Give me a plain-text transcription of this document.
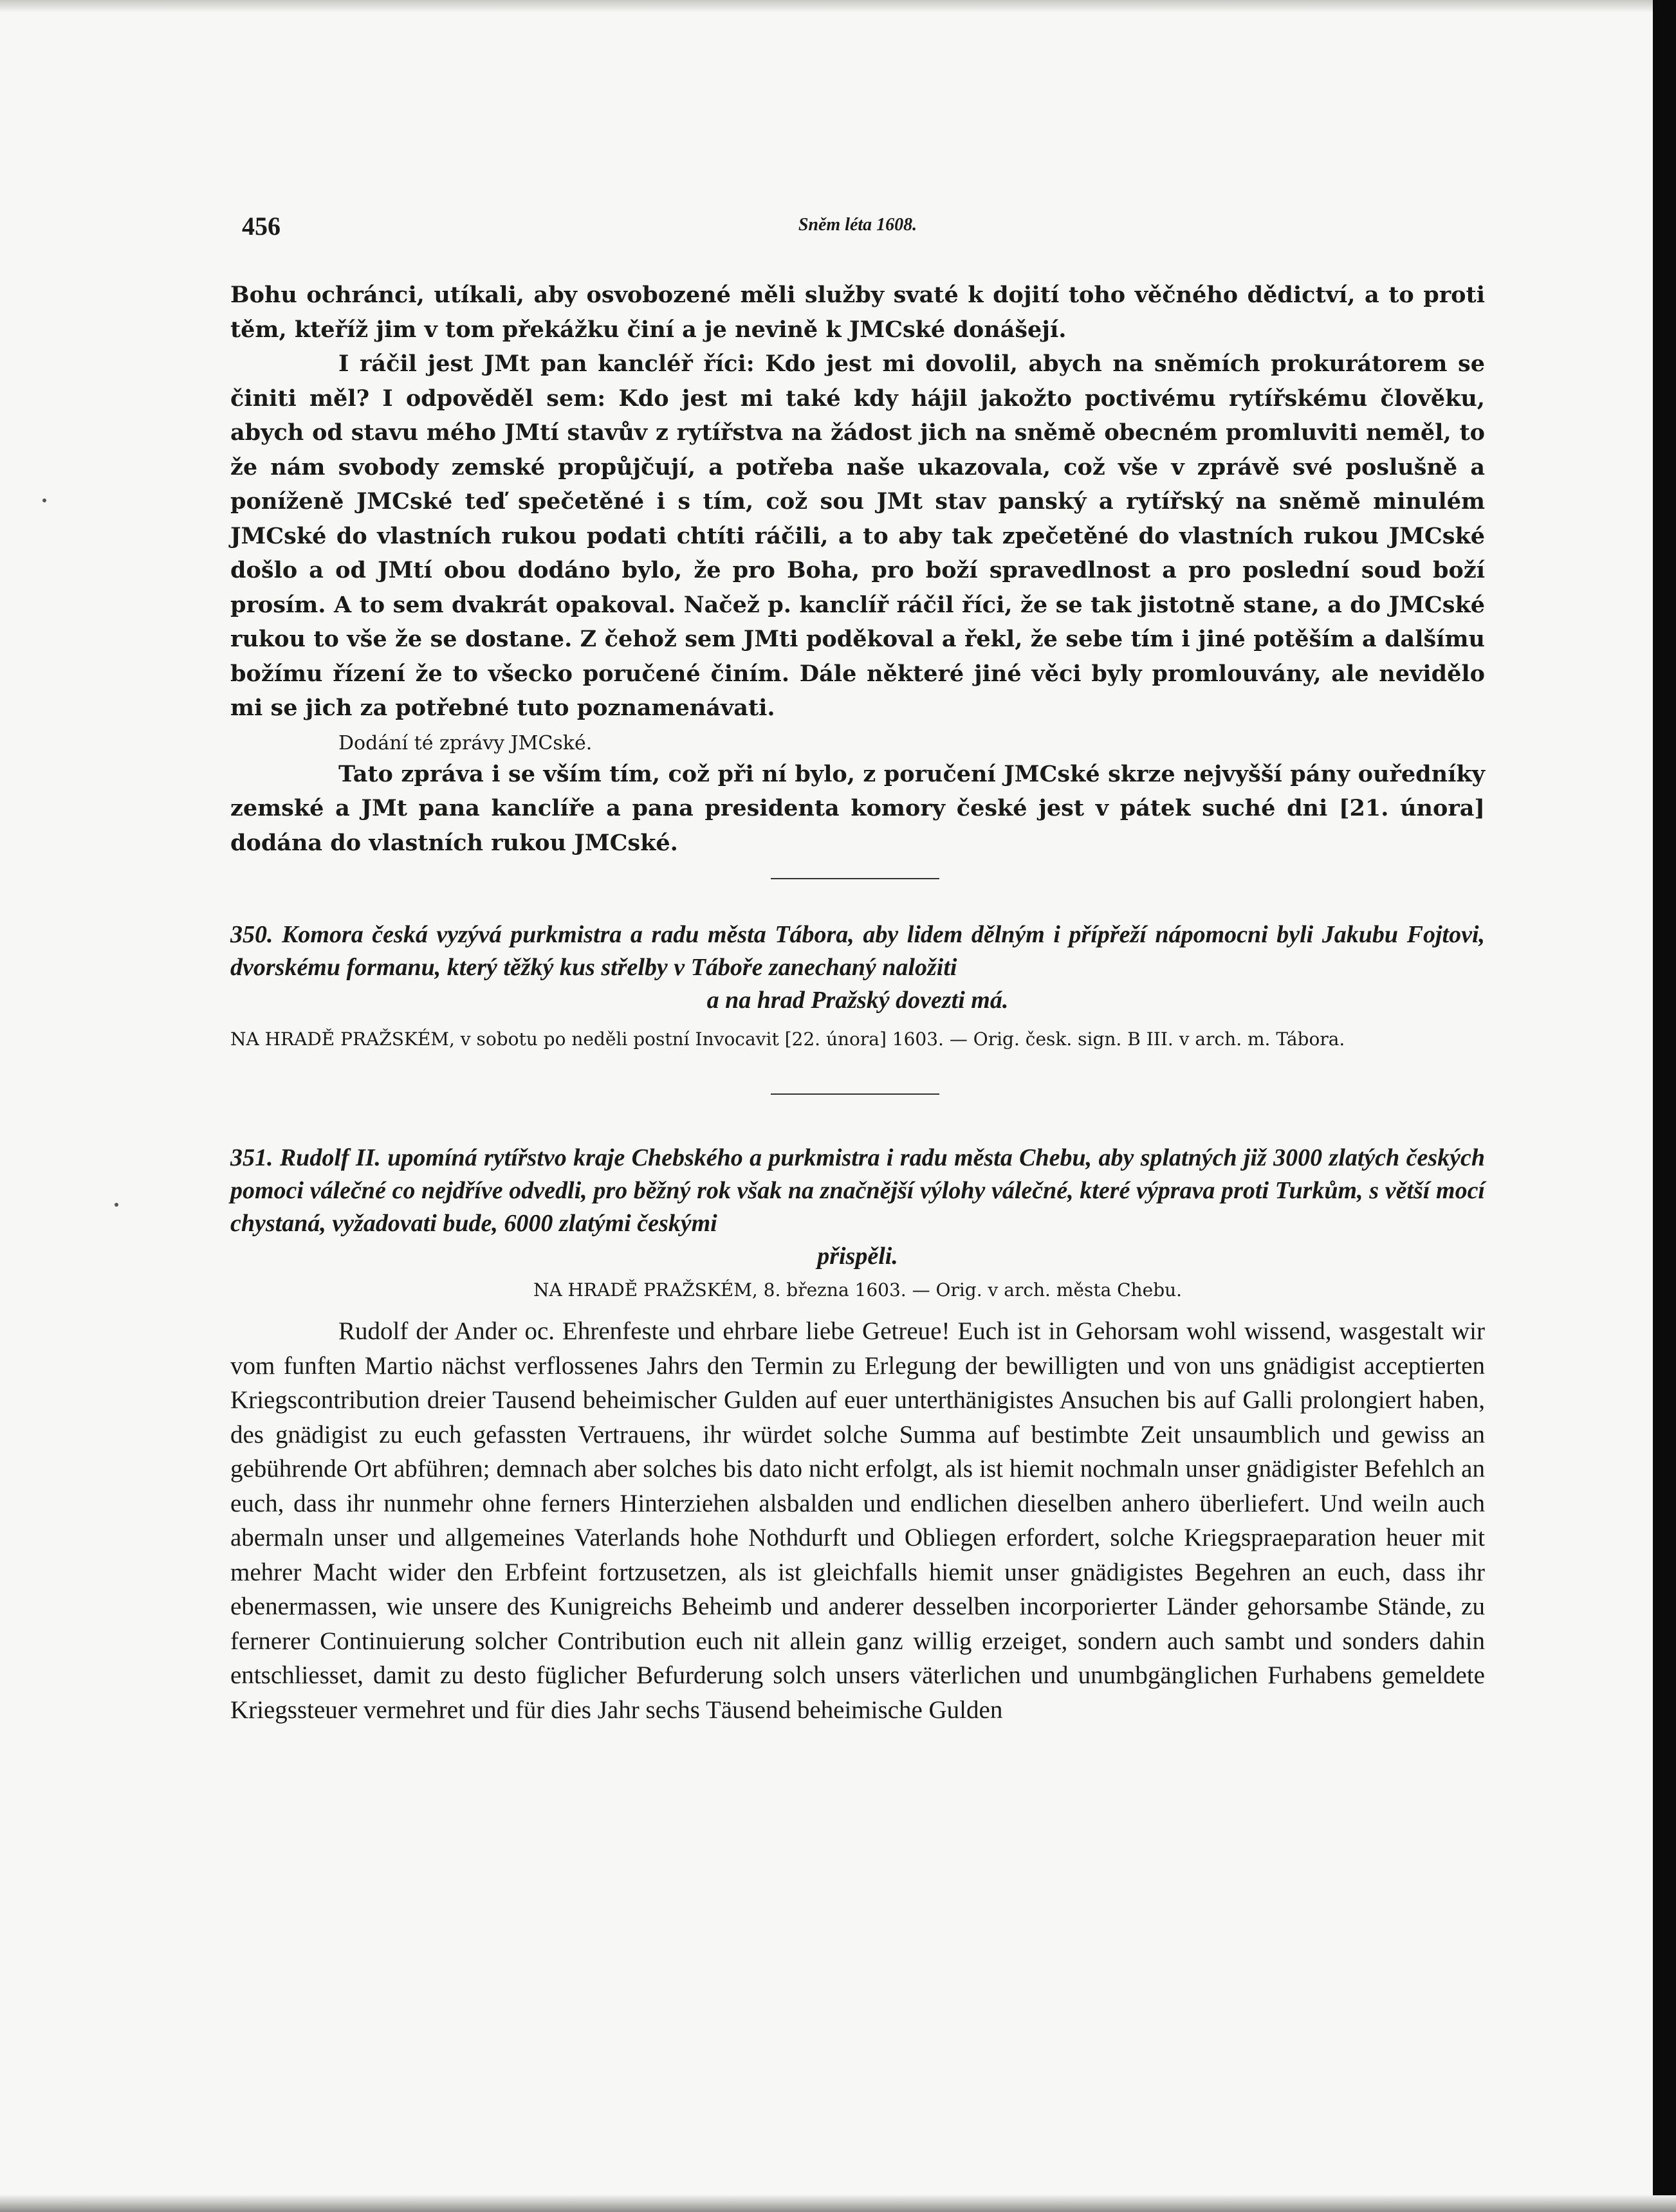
456	Sněm léta 1608.

Bohu ochránci, utíkali, aby osvobozené měli služby svaté k dojití toho věčného dědictví, a to proti těm, kteříž jim v tom překážku činí a je nevině k JMCské donášejí.

I ráčil jest JMt pan kancléř říci: Kdo jest mi dovolil, abych na sněmích prokurátorem se činiti měl? I odpověděl sem: Kdo jest mi také kdy hájil jakožto poctivému rytířskému člověku, abych od stavu mého JMtí stavův z rytířstva na žádost jich na sněmě obecném promluviti neměl, to že nám svobody zemské propůjčují, a potřeba naše ukazovala, což vše v zprávě své poslušně a poníženě JMCské teď spečetěné i s tím, což sou JMt stav panský a rytířský na sněmě minulém JMCské do vlastních rukou podati chtíti ráčili, a to aby tak zpečetěné do vlastních rukou JMCské došlo a od JMtí obou dodáno bylo, že pro Boha, pro boží spravedlnost a pro poslední soud boží prosím. A to sem dvakrát opakoval. Načež p. kanclíř ráčil říci, že se tak jistotně stane, a do JMCské rukou to vše že se dostane. Z čehož sem JMti poděkoval a řekl, že sebe tím i jiné potěším a dalšímu božímu řízení že to všecko poručené činím. Dále některé jiné věci byly promlouvány, ale nevidělo mi se jich za potřebné tuto poznamenávati.

Dodání té zprávy JMCské.

Tato zpráva i se vším tím, což při ní bylo, z poručení JMCské skrze nejvyšší pány ouředníky zemské a JMt pana kanclíře a pana presidenta komory české jest v pátek suché dni [21. února] dodána do vlastních rukou JMCské.

350. Komora česká vyzývá purkmistra a radu města Tábora, aby lidem dělným i přípřeží nápomocni byli Jakubu Fojtovi, dvorskému formanu, který těžký kus střelby v Táboře zanechaný naložiti

a na hrad Pražský dovezti má.

NA HRADĚ PRAŽSKÉM, v sobotu po neděli postní Invocavit [22. února] 1603. — Orig. česk. sign. B III. v arch. m. Tábora.

351. Rudolf II. upomíná rytířstvo kraje Chebského a purkmistra i radu města Chebu, aby splatných již 3000 zlatých českých pomoci válečné co nejdříve odvedli, pro běžný rok však na značnější výlohy válečné, které výprava proti Turkům, s větší mocí chystaná, vyžadovati bude, 6000 zlatými českými

přispěli.

NA HRADĚ PRAŽSKÉM, 8. března 1603. — Orig. v arch. města Chebu.

Rudolf der Ander oc. Ehrenfeste und ehrbare liebe Getreue! Euch ist in Gehorsam wohl wissend, wasgestalt wir vom funften Martio nächst verflossenes Jahrs den Termin zu Erlegung der bewilligten und von uns gnädigist acceptierten Kriegscontribution dreier Tausend beheimischer Gulden auf euer unterthänigistes Ansuchen bis auf Galli prolongiert haben, des gnädigist zu euch gefassten Vertrauens, ihr würdet solche Summa auf bestimbte Zeit unsaumblich und gewiss an gebührende Ort abführen; demnach aber solches bis dato nicht erfolgt, als ist hiemit nochmaln unser gnädigister Befehlch an euch, dass ihr nunmehr ohne ferners Hinterziehen alsbalden und endlichen dieselben anhero überliefert. Und weiln auch abermaln unser und allgemeines Vaterlands hohe Nothdurft und Obliegen erfordert, solche Kriegspraeparation heuer mit mehrer Macht wider den Erbfeint fortzusetzen, als ist gleichfalls hiemit unser gnädigistes Begehren an euch, dass ihr ebenermassen, wie unsere des Kunigreichs Beheimb und anderer desselben incorporierter Länder gehorsambe Stände, zu fernerer Continuierung solcher Contribution euch nit allein ganz willig erzeiget, sondern auch sambt und sonders dahin entschliesset, damit zu desto füglicher Befurderung solch unsers väterlichen und unumbgänglichen Furhabens gemeldete Kriegssteuer vermehret und für dies Jahr sechs Täusend beheimische Gulden
